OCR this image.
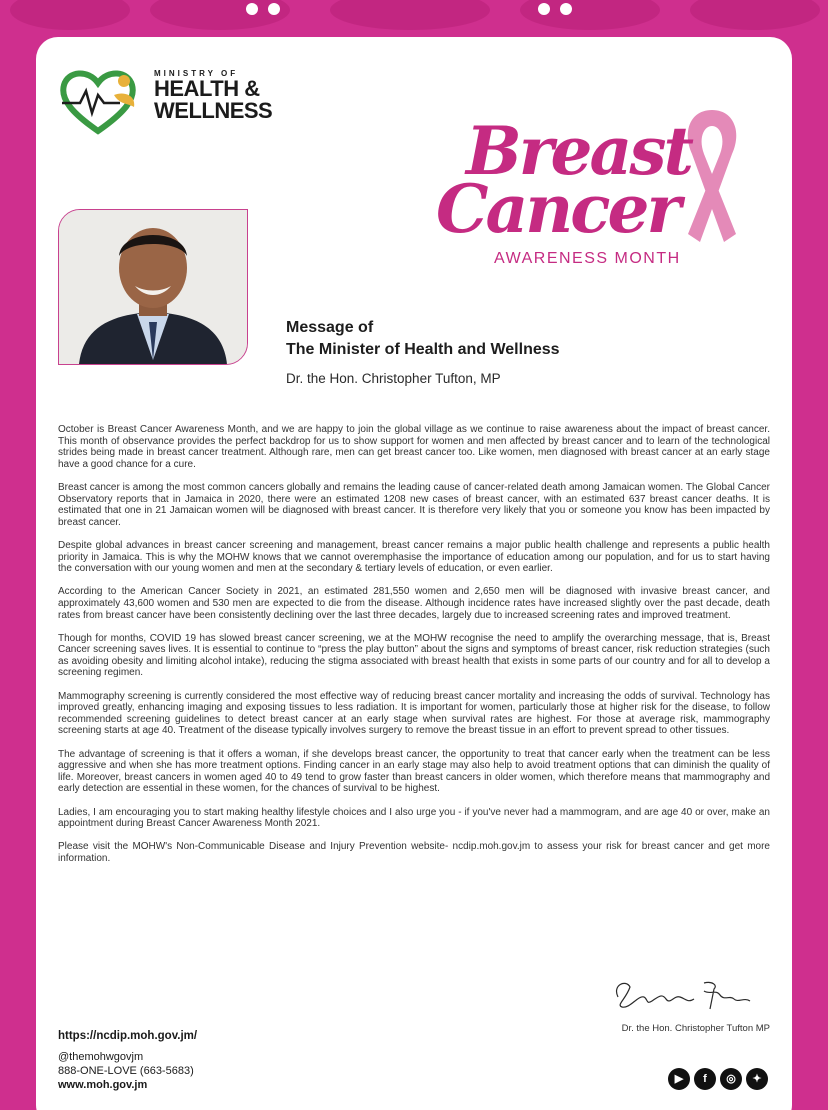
MINISTRY OF
HEALTH &
WELLNESS
Breast
Cancer
AWARENESS MONTH
Message of
The Minister of Health and Wellness
Dr. the Hon. Christopher Tufton, MP

October is Breast Cancer Awareness Month, and we are happy to join the global village as we continue to raise awareness about the impact of breast cancer. This month of observance provides the perfect backdrop for us to show support for women and men affected by breast cancer and to learn of the technological strides being made in breast cancer treatment. Although rare, men can get breast cancer too. Like women, men diagnosed with breast cancer at an early stage have a good chance for a cure.

Breast cancer is among the most common cancers globally and remains the leading cause of cancer-related death among Jamaican women. The Global Cancer Observatory reports that in Jamaica in 2020, there were an estimated 1208 new cases of breast cancer, with an estimated 637 breast cancer deaths. It is estimated that one in 21 Jamaican women will be diagnosed with breast cancer. It is therefore very likely that you or someone you know has been impacted by breast cancer.

Despite global advances in breast cancer screening and management, breast cancer remains a major public health challenge and represents a public health priority in Jamaica. This is why the MOHW knows that we cannot overemphasise the importance of education among our population, and for us to start having the conversation with our young women and men at the secondary & tertiary levels of education, or even earlier.

According to the American Cancer Society in 2021, an estimated 281,550 women and 2,650 men will be diagnosed with invasive breast cancer, and approximately 43,600 women and 530 men are expected to die from the disease. Although incidence rates have increased slightly over the past decade, death rates from breast cancer have been consistently declining over the last three decades, largely due to increased screening rates and improved treatment.

Though for months, COVID 19 has slowed breast cancer screening, we at the MOHW recognise the need to amplify the overarching message, that is, Breast Cancer screening saves lives. It is essential to continue to “press the play button” about the signs and symptoms of breast cancer, risk reduction strategies (such as avoiding obesity and limiting alcohol intake), reducing the stigma associated with breast health that exists in some parts of our country and for all to develop a screening regimen.

Mammography screening is currently considered the most effective way of reducing breast cancer mortality and increasing the odds of survival. Technology has improved greatly, enhancing imaging and exposing tissues to less radiation. It is important for women, particularly those at higher risk for the disease, to follow recommended screening guidelines to detect breast cancer at an early stage when survival rates are highest. For those at average risk, mammography screening starts at age 40. Treatment of the disease typically involves surgery to remove the breast tissue in an effort to prevent spread to other tissues.

The advantage of screening is that it offers a woman, if she develops breast cancer, the opportunity to treat that cancer early when the treatment can be less aggressive and when she has more treatment options. Finding cancer in an early stage may also help to avoid treatment options that can diminish the quality of life. Moreover, breast cancers in women aged 40 to 49 tend to grow faster than breast cancers in older women, which therefore means that mammography and early detection are essential in these women, for the chances of survival to be highest.

Ladies, I am encouraging you to start making healthy lifestyle choices and I also urge you - if you've never had a mammogram, and are age 40 or over, make an appointment during Breast Cancer Awareness Month 2021.

Please visit the MOHW's Non-Communicable Disease and Injury Prevention website- ncdip.moh.gov.jm to assess your risk for breast cancer and get more information.

Dr. the Hon. Christopher Tufton MP
https://ncdip.moh.gov.jm/
@themohwgovjm
888-ONE-LOVE (663-5683)
www.moh.gov.jm	▶	f	◎	✦
